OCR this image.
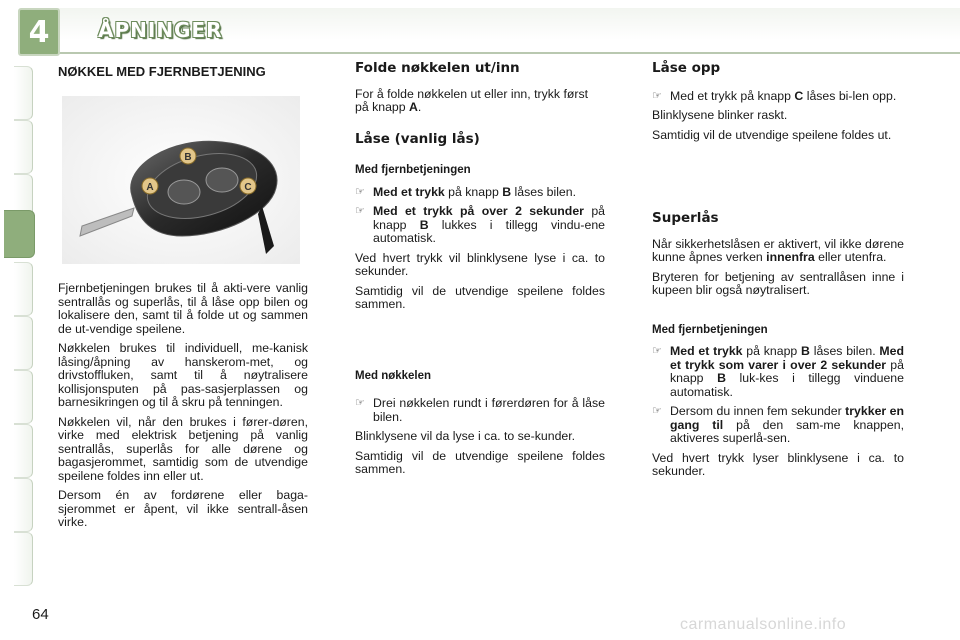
ÅPNINGER
4
NØKKEL MED FJERNBETJENING
A
B
C

Fjernbetjeningen brukes til å akti-vere vanlig sentrallås og superlås, til å låse opp bilen og lokalisere den, samt til å folde ut og sammen de ut-vendige speilene.

Nøkkelen brukes til individuell, me-kanisk låsing/åpning av hanskerom-met, og drivstoffluken, samt til å nøytralisere kollisjonsputen på pas-sasjerplassen og barnesikringen og til å skru på tenningen.

Nøkkelen vil, når den brukes i fører-døren, virke med elektrisk betjening på vanlig sentrallås, superlås for alle dørene og bagasjerommet, samtidig som de utvendige speilene foldes inn eller ut.

Dersom én av fordørene eller baga-sjerommet er åpent, vil ikke sentrall-åsen virke.

Folde nøkkelen ut/inn

For å folde nøkkelen ut eller inn, trykk først på knapp A.

Låse (vanlig lås)
Med fjernbetjeningen
☞ Med et trykk på knapp B låses bilen.
☞ Med et trykk på over 2 sekunder på knapp B lukkes i tillegg vindu-ene automatisk.

Ved hvert trykk vil blinklysene lyse i ca. to sekunder.

Samtidig vil de utvendige speilene foldes sammen.

Med nøkkelen
☞ Drei nøkkelen rundt i førerdøren for å låse bilen.

Blinklysene vil da lyse i ca. to se-kunder.

Samtidig vil de utvendige speilene foldes sammen.

Låse opp
☞ Med et trykk på knapp C låses bi-len opp.

Blinklysene blinker raskt.

Samtidig vil de utvendige speilene foldes ut.

Superlås

Når sikkerhetslåsen er aktivert, vil ikke dørene kunne åpnes verken innenfra eller utenfra.

Bryteren for betjening av sentrallåsen inne i kupeen blir også nøytralisert.

Med fjernbetjeningen
☞ Med et trykk på knapp B låses bilen. Med et trykk som varer i over 2 sekunder på knapp B luk-kes i tillegg vinduene automatisk.
☞ Dersom du innen fem sekunder trykker en gang til på den sam-me knappen, aktiveres superlå-sen.

Ved hvert trykk lyser blinklysene i ca. to sekunder.

64
carmanualsonline.info
